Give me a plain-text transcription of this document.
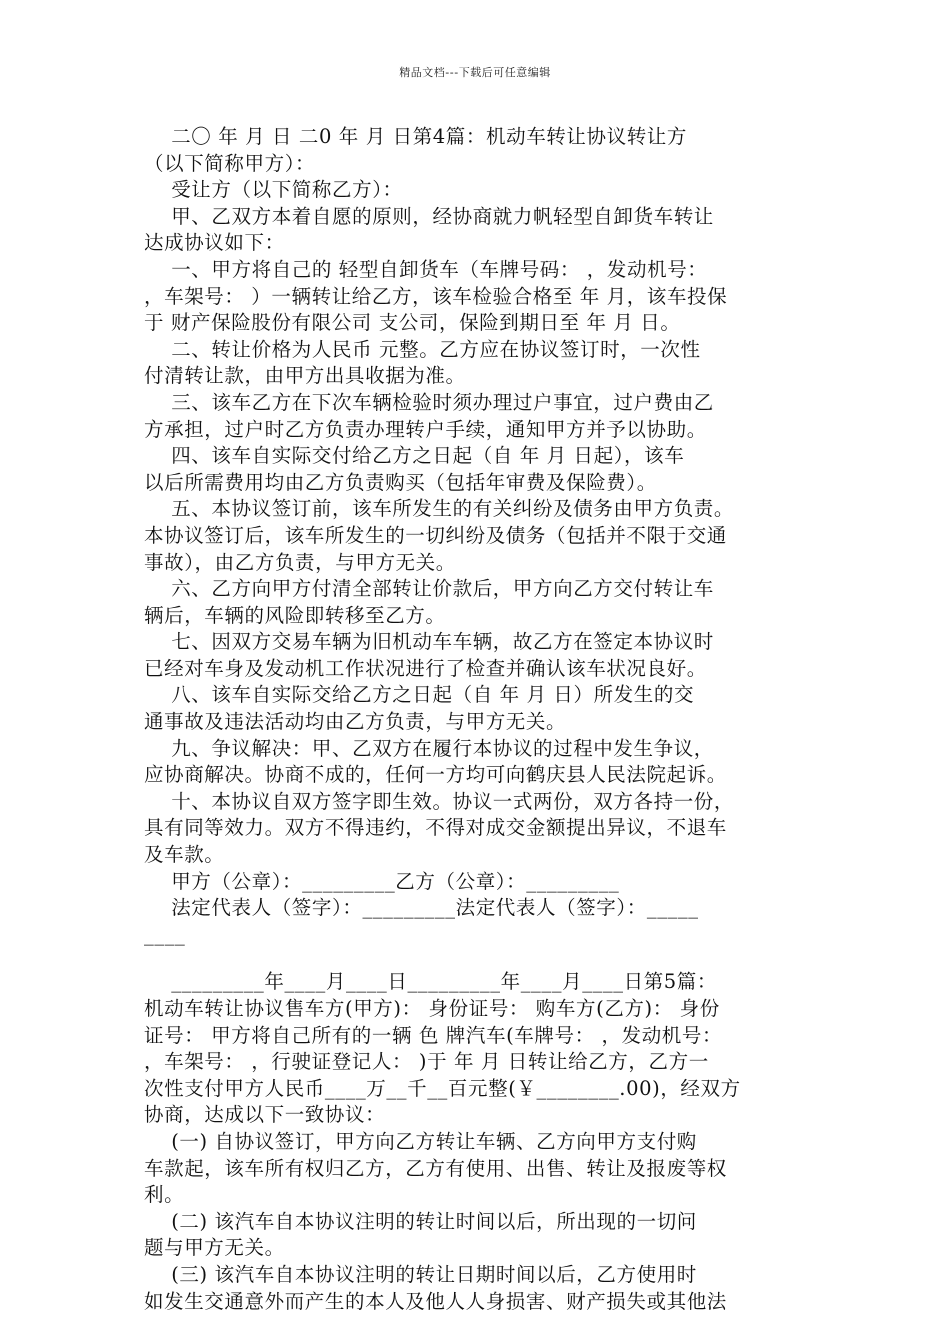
精品文档---下载后可任意编辑
二〇 年 月 日 二0 年 月 日第4篇：机动车转让协议转让方
（以下简称甲方）：
受让方（以下简称乙方）：
甲、乙双方本着自愿的原则，经协商就力帆轻型自卸货车转让
达成协议如下：
一、甲方将自己的 轻型自卸货车（车牌号码： ，发动机号：
，车架号： ）一辆转让给乙方，该车检验合格至 年 月，该车投保
于 财产保险股份有限公司 支公司，保险到期日至 年 月 日。
二、转让价格为人民币 元整。乙方应在协议签订时，一次性
付清转让款，由甲方出具收据为准。
三、该车乙方在下次车辆检验时须办理过户事宜，过户费由乙
方承担，过户时乙方负责办理转户手续，通知甲方并予以协助。
四、该车自实际交付给乙方之日起（自 年 月 日起），该车
以后所需费用均由乙方负责购买（包括年审费及保险费）。
五、本协议签订前，该车所发生的有关纠纷及债务由甲方负责。
本协议签订后，该车所发生的一切纠纷及债务（包括并不限于交通
事故），由乙方负责，与甲方无关。
六、乙方向甲方付清全部转让价款后，甲方向乙方交付转让车
辆后，车辆的风险即转移至乙方。
七、因双方交易车辆为旧机动车车辆，故乙方在签定本协议时
已经对车身及发动机工作状况进行了检查并确认该车状况良好。
八、该车自实际交给乙方之日起（自 年 月 日）所发生的交
通事故及违法活动均由乙方负责，与甲方无关。
九、争议解决：甲、乙双方在履行本协议的过程中发生争议，
应协商解决。协商不成的，任何一方均可向鹤庆县人民法院起诉。
十、本协议自双方签字即生效。协议一式两份，双方各持一份，
具有同等效力。双方不得违约，不得对成交金额提出异议，不退车
及车款。
甲方（公章）：_________乙方（公章）：_________
法定代表人（签字）：_________法定代表人（签字）：_____
____
_________年____月____日_________年____月____日第5篇：
机动车转让协议售车方(甲方)： 身份证号： 购车方(乙方)： 身份
证号： 甲方将自己所有的一辆 色 牌汽车(车牌号： ，发动机号：
，车架号： ，行驶证登记人： )于 年 月 日转让给乙方，乙方一
次性支付甲方人民币____万__千__百元整(￥________.00)，经双方
协商，达成以下一致协议：
(一) 自协议签订，甲方向乙方转让车辆、乙方向甲方支付购
车款起，该车所有权归乙方，乙方有使用、出售、转让及报废等权
利。
(二) 该汽车自本协议注明的转让时间以后，所出现的一切问
题与甲方无关。
(三) 该汽车自本协议注明的转让日期时间以后，乙方使用时
如发生交通意外而产生的本人及他人人身损害、财产损失或其他法
